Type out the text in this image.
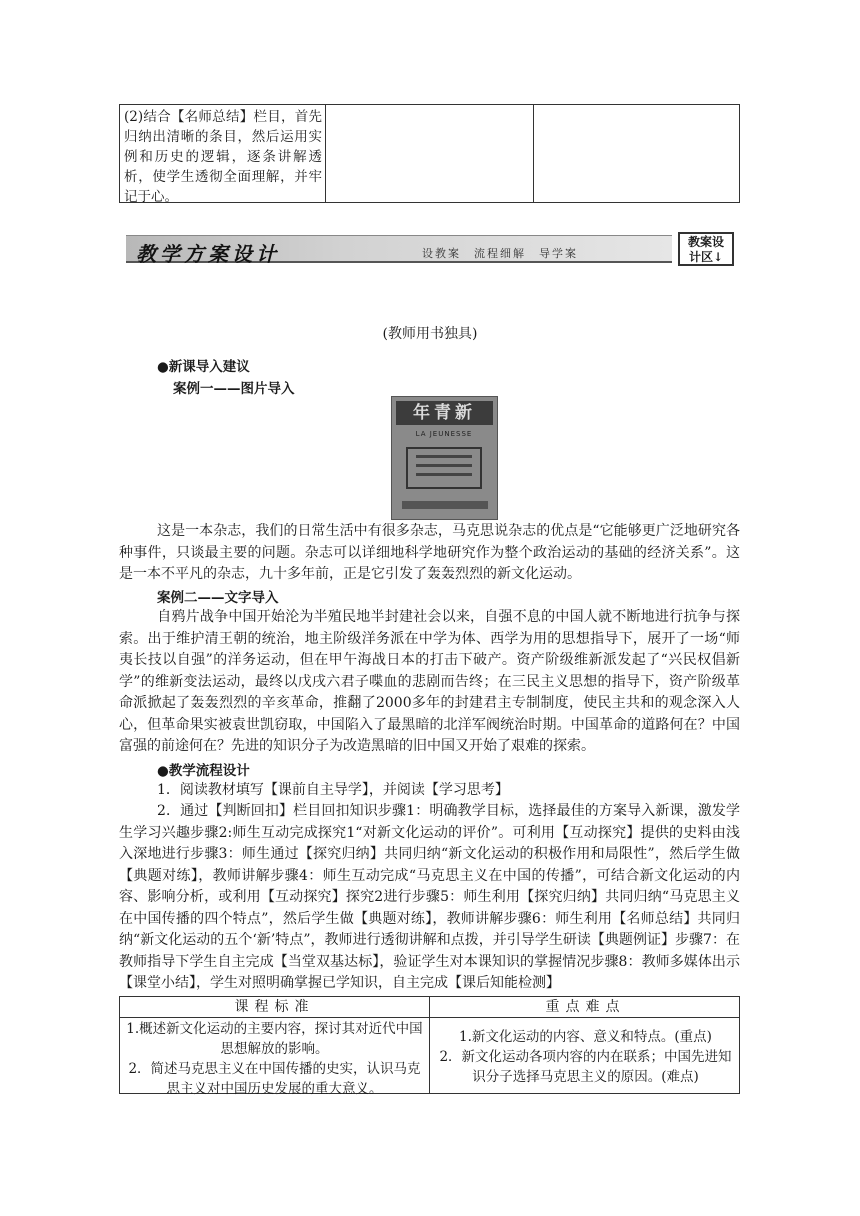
(2)结合【名师总结】栏目，首先归纳出清晰的条目，然后运用实例和历史的逻辑，逐条讲解透析，使学生透彻全面理解，并牢记于心。
教学方案设计	设教案　流程细解　导学案
教案设
计区↓
(教师用书独具)
●新课导入建议
案例一——图片导入
年青新
LA JEUNESSE
这是一本杂志，我们的日常生活中有很多杂志，马克思说杂志的优点是“它能够更广泛地研究各种事件，只谈最主要的问题。杂志可以详细地科学地研究作为整个政治运动的基础的经济关系”。这是一本不平凡的杂志，九十多年前，正是它引发了轰轰烈烈的新文化运动。
案例二——文字导入
自鸦片战争中国开始沦为半殖民地半封建社会以来，自强不息的中国人就不断地进行抗争与探索。出于维护清王朝的统治，地主阶级洋务派在中学为体、西学为用的思想指导下，展开了一场“师夷长技以自强”的洋务运动，但在甲午海战日本的打击下破产。资产阶级维新派发起了“兴民权倡新学”的维新变法运动，最终以戊戌六君子喋血的悲剧而告终；在三民主义思想的指导下，资产阶级革命派掀起了轰轰烈烈的辛亥革命，推翻了2000多年的封建君主专制制度，使民主共和的观念深入人心，但革命果实被袁世凯窃取，中国陷入了最黑暗的北洋军阀统治时期。中国革命的道路何在？中国富强的前途何在？先进的知识分子为改造黑暗的旧中国又开始了艰难的探索。
●教学流程设计
1．阅读教材填写【课前自主导学】，并阅读【学习思考】
2．通过【判断回扣】栏目回扣知识步骤1：明确教学目标，选择最佳的方案导入新课，激发学生学习兴趣步骤2:师生互动完成探究1“对新文化运动的评价”。可利用【互动探究】提供的史料由浅入深地进行步骤3：师生通过【探究归纳】共同归纳“新文化运动的积极作用和局限性”，然后学生做【典题对练】，教师讲解步骤4：师生互动完成“马克思主义在中国的传播”，可结合新文化运动的内容、影响分析，或利用【互动探究】探究2进行步骤5：师生利用【探究归纳】共同归纳“马克思主义在中国传播的四个特点”，然后学生做【典题对练】，教师讲解步骤6：师生利用【名师总结】共同归纳“新文化运动的五个‘新’特点”，教师进行透彻讲解和点拨，并引导学生研读【典题例证】步骤7：在教师指导下学生自主完成【当堂双基达标】，验证学生对本课知识的掌握情况步骤8：教师多媒体出示【课堂小结】，学生对照明确掌握已学知识，自主完成【课后知能检测】
课程标准	重点难点
1.概述新文化运动的主要内容，探讨其对近代中国思想解放的影响。
2．简述马克思主义在中国传播的史实，认识马克思主义对中国历史发展的重大意义。
1.新文化运动的内容、意义和特点。(重点)
2．新文化运动各项内容的内在联系；中国先进知识分子选择马克思主义的原因。(难点)
